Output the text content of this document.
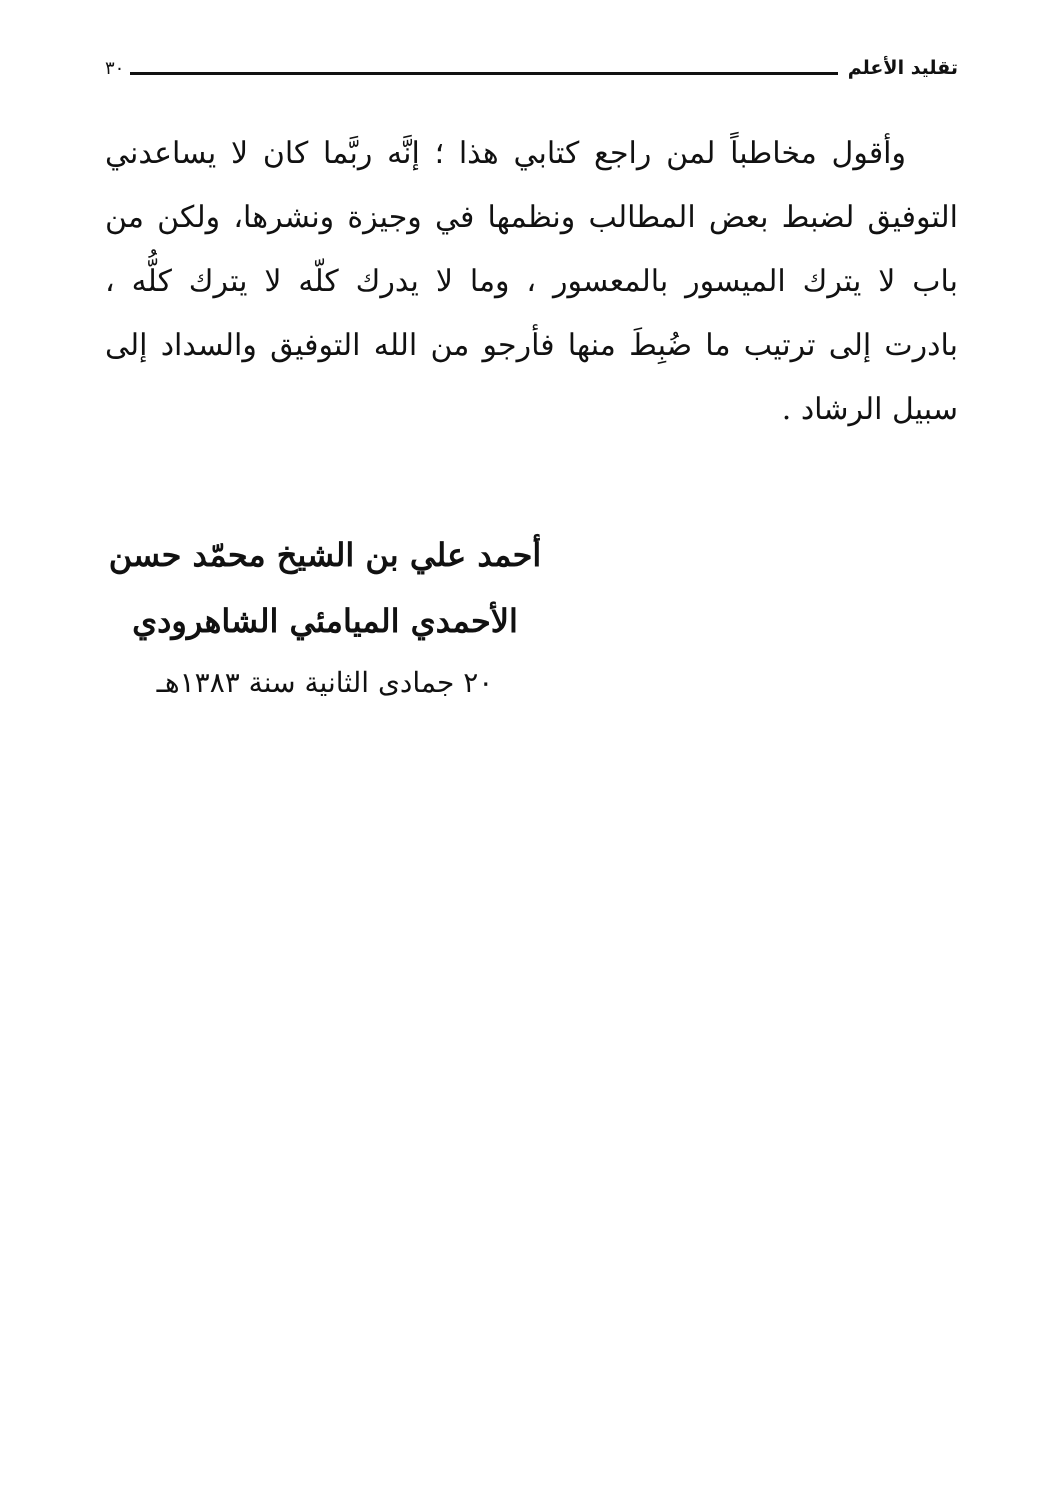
تقليد الأعلم
٣٠
وأقول مخاطباً لمن راجع كتابي هذا ؛ إنَّه ربَّما كان لا يساعدني
التوفيق لضبط بعض المطالب ونظمها في وجيزة ونشرها، ولكن من
باب لا يترك الميسور بالمعسور ، وما لا يدرك كلّه لا يترك كلُّه ،
بادرت إلى ترتيب ما ضُبِطَ منها فأرجو من الله التوفيق والسداد إلى
سبيل الرشاد .
أحمد علي بن الشيخ محمّد حسن
الأحمدي الميامئي الشاهرودي
٢٠ جمادى الثانية سنة ١٣٨٣هـ
